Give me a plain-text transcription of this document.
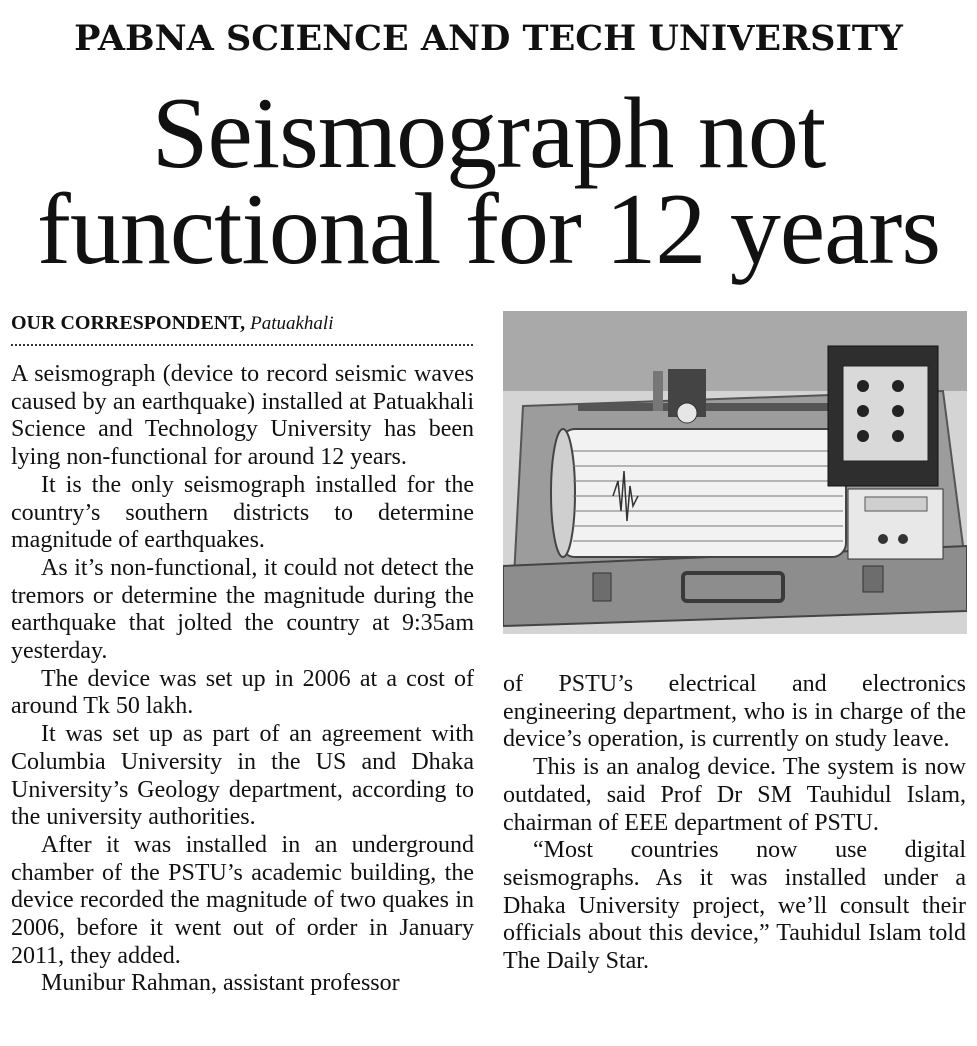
PABNA SCIENCE AND TECH UNIVERSITY
Seismograph not
functional for 12 years
OUR CORRESPONDENT, Patuakhali

A seismograph (device to record seismic waves caused by an earthquake) installed at Patuakhali Science and Technology University has been lying non-functional for around 12 years.

It is the only seismograph installed for the country’s southern districts to determine magnitude of earthquakes.

As it’s non-functional, it could not detect the tremors or determine the magnitude during the earthquake that jolted the country at 9:35am yesterday.

The device was set up in 2006 at a cost of around Tk 50 lakh.

It was set up as part of an agreement with Columbia University in the US and Dhaka University’s Geology department, according to the university authorities.

After it was installed in an underground chamber of the PSTU’s academic building, the device recorded the magnitude of two quakes in 2006, before it went out of order in January 2011, they added.

Munibur Rahman, assistant professor

of PSTU’s electrical and electronics engineering department, who is in charge of the device’s operation, is currently on study leave.

This is an analog device. The system is now outdated, said Prof Dr SM Tauhidul Islam, chairman of EEE department of PSTU.

“Most countries now use digital seismographs. As it was installed under a Dhaka University project, we’ll consult their officials about this device,” Tauhidul Islam told The Daily Star.
